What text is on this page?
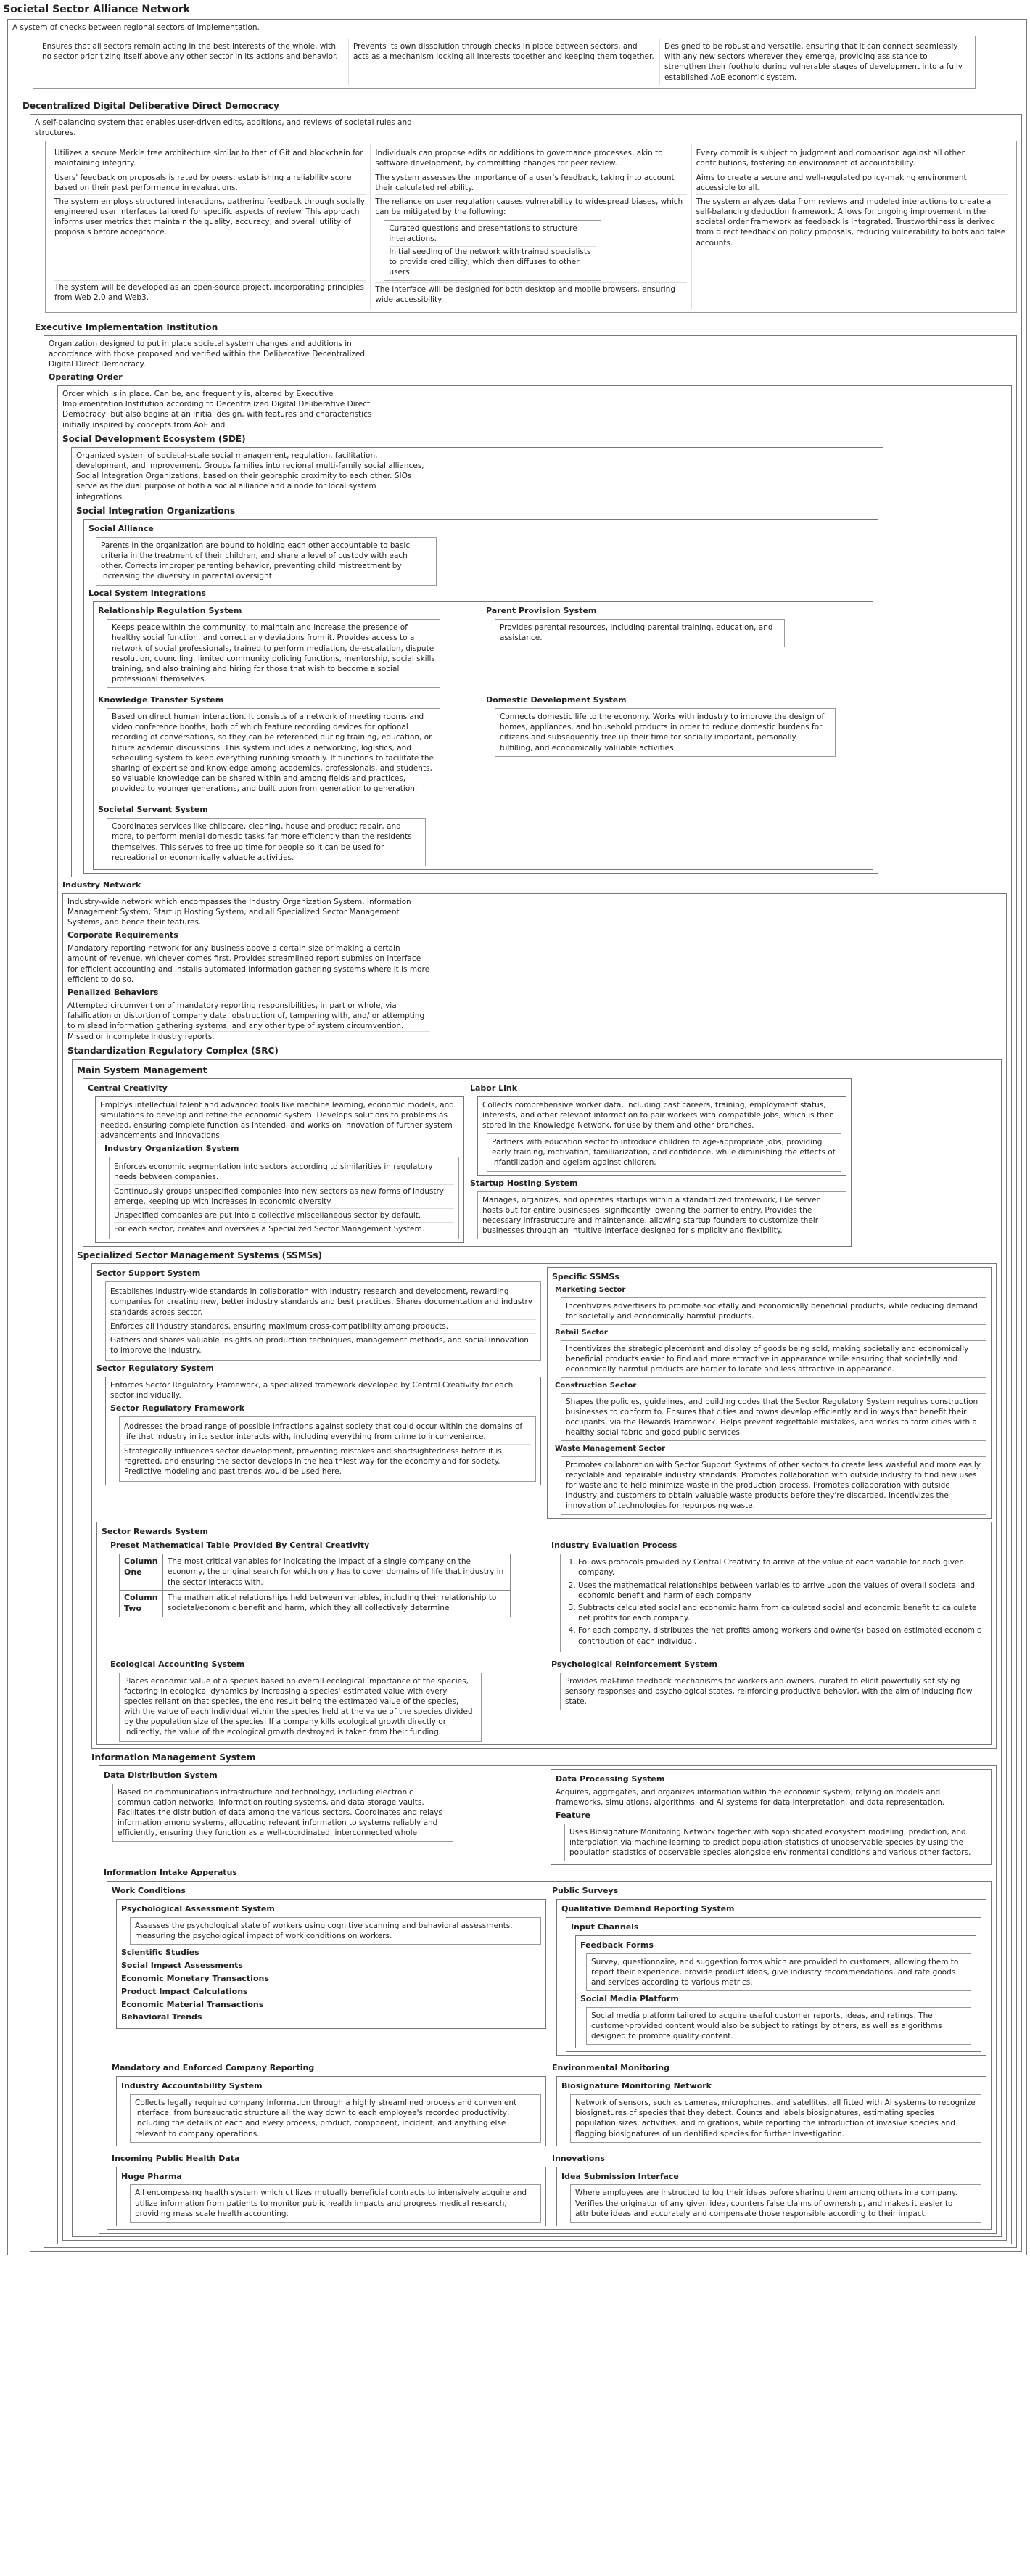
Societal Sector Alliance Network
A system of checks between regional sectors of implementation.
Ensures that all sectors remain acting in the best interests of the whole, with no sector prioritizing itself above any other sector in its actions and behavior.
Prevents its own dissolution through checks in place between sectors, and acts as a mechanism locking all interests together and keeping them together.
Designed to be robust and versatile, ensuring that it can connect seamlessly with any new sectors wherever they emerge, providing assistance to strengthen their foothold during vulnerable stages of development into a fully established AoE economic system.
Decentralized Digital Deliberative Direct Democracy
A self-balancing system that enables user-driven edits, additions, and reviews of societal rules and structures.
Utilizes a secure Merkle tree architecture similar to that of Git and blockchain for maintaining integrity.
Users' feedback on proposals is rated by peers, establishing a reliability score based on their past performance in evaluations.
The system employs structured interactions, gathering feedback through socially engineered user interfaces tailored for specific aspects of review. This approach informs user metrics that maintain the quality, accuracy, and overall utility of proposals before acceptance.
The system will be developed as an open-source project, incorporating principles from Web 2.0 and Web3.
Individuals can propose edits or additions to governance processes, akin to software development, by committing changes for peer review.
The system assesses the importance of a user's feedback, taking into account their calculated reliability.
The reliance on user regulation causes vulnerability to widespread biases, which can be mitigated by the following:
Curated questions and presentations to structure interactions.
Initial seeding of the network with trained specialists to provide credibility, which then diffuses to other users.
The interface will be designed for both desktop and mobile browsers, ensuring wide accessibility.
Every commit is subject to judgment and comparison against all other contributions, fostering an environment of accountability.
Aims to create a secure and well-regulated policy-making environment accessible to all.
The system analyzes data from reviews and modeled interactions to create a self-balancing deduction framework. Allows for ongoing improvement in the societal order framework as feedback is integrated. Trustworthiness is derived from direct feedback on policy proposals, reducing vulnerability to bots and false accounts.
Executive Implementation Institution
Organization designed to put in place societal system changes and additions in accordance with those proposed and verified within the Deliberative Decentralized Digital Direct Democracy.
Operating Order
Order which is in place. Can be, and frequently is, altered by Executive Implementation Institution according to Decentralized Digital Deliberative Direct Democracy, but also begins at an initial design, with features and characteristics initially inspired by concepts from AoE and
Social Development Ecosystem (SDE)
Organized system of societal-scale social management, regulation, facilitation, development, and improvement. Groups families into regional multi-family social alliances, Social Integration Organizations, based on their georaphic proximity to each other. SIOs serve as the dual purpose of both a social alliance and a node for local system integrations.
Social Integration Organizations
Social Alliance
Parents in the organization are bound to holding each other accountable to basic criteria in the treatment of their children, and share a level of custody with each other. Corrects improper parenting behavior, preventing child mistreatment by increasing the diversity in parental oversight.
Local System Integrations
Relationship Regulation System
Keeps peace within the community, to maintain and increase the presence of healthy social function, and correct any deviations from it. Provides access to a network of social professionals, trained to perform mediation, de-escalation, dispute resolution, counciling, limited community policing functions, mentorship, social skills training, and also training and hiring for those that wish to become a social professional themselves.
Parent Provision System
Provides parental resources, including parental training, education, and assistance.
Knowledge Transfer System
Based on direct human interaction. It consists of a network of meeting rooms and video conference booths, both of which feature recording devices for optional recording of conversations, so they can be referenced during training, education, or future academic discussions. This system includes a networking, logistics, and scheduling system to keep everything running smoothly. It functions to facilitate the sharing of expertise and knowledge among academics, professionals, and students, so valuable knowledge can be shared within and among fields and practices, provided to younger generations, and built upon from generation to generation.
Domestic Development System
Connects domestic life to the economy. Works with industry to improve the design of homes, appliances, and household products in order to reduce domestic burdens for citizens and subsequently free up their time for socially important, personally fulfilling, and economically valuable activities.
Societal Servant System
Coordinates services like childcare, cleaning, house and product repair, and more, to perform menial domestic tasks far more efficiently than the residents themselves. This serves to free up time for people so it can be used for recreational or economically valuable activities.
Industry Network
Industry-wide network which encompasses the Industry Organization System, Information Management System, Startup Hosting System, and all Specialized Sector Management Systems, and hence their features.
Corporate Requirements
Mandatory reporting network for any business above a certain size or making a certain amount of revenue, whichever comes first. Provides streamlined report submission interface for efficient accounting and installs automated information gathering systems where it is more efficient to do so.
Penalized Behaviors
Attempted circumvention of mandatory reporting responsibilities, in part or whole, via falsification or distortion of company data, obstruction of, tampering with, and/ or attempting to mislead information gathering systems, and any other type of system circumvention.
Missed or incomplete industry reports.
Standardization Regulatory Complex (SRC)
Main System Management
Central Creativity
Employs intellectual talent and advanced tools like machine learning, economic models, and simulations to develop and refine the economic system. Develops solutions to problems as needed, ensuring complete function as intended, and works on innovation of further system advancements and innovations.
Industry Organization System
Enforces economic segmentation into sectors according to similarities in regulatory needs between companies.
Continuously groups unspecified companies into new sectors as new forms of industry emerge, keeping up with increases in economic diversity.
Unspecified companies are put into a collective miscellaneous sector by default.
For each sector, creates and oversees a Specialized Sector Management System.
Labor Link
Collects comprehensive worker data, including past careers, training, employment status, interests, and other relevant information to pair workers with compatible jobs, which is then stored in the Knowledge Network, for use by them and other branches.
Partners with education sector to introduce children to age-appropriate jobs, providing early training, motivation, familiarization, and confidence, while diminishing the effects of infantilization and ageism against children.
Startup Hosting System
Manages, organizes, and operates startups within a standardized framework, like server hosts but for entire businesses, significantly lowering the barrier to entry. Provides the necessary infrastructure and maintenance, allowing startup founders to customize their businesses through an intuitive interface designed for simplicity and flexibility.
Specialized Sector Management Systems (SSMSs)
Sector Support System
Establishes industry-wide standards in collaboration with industry research and development, rewarding companies for creating new, better industry standards and best practices. Shares documentation and industry standards across sector.
Enforces all industry standards, ensuring maximum cross-compatibility among products.
Gathers and shares valuable insights on production techniques, management methods, and social innovation to improve the industry.
Sector Regulatory System
Enforces Sector Regulatory Framework, a specialized framework developed by Central Creativity for each sector individually.
Sector Regulatory Framework
Addresses the broad range of possible infractions against society that could occur within the domains of life that industry in its sector interacts with, including everything from crime to inconvenience.
Strategically influences sector development, preventing mistakes and shortsightedness before it is regretted, and ensuring the sector develops in the healthiest way for the economy and for society. Predictive modeling and past trends would be used here.
Specific SSMSs
Marketing Sector
Incentivizes advertisers to promote societally and economically beneficial products, while reducing demand for societally and economically harmful products.
Retail Sector
Incentivizes the strategic placement and display of goods being sold, making societally and economically beneficial products easier to find and more attractive in appearance while ensuring that societally and economically harmful products are harder to locate and less attractive in appearance.
Construction Sector
Shapes the policies, guidelines, and building codes that the Sector Regulatory System requires construction businesses to conform to. Ensures that cities and towns develop efficiently and in ways that benefit their occupants, via the Rewards Framework. Helps prevent regrettable mistakes, and works to form cities with a healthy social fabric and good public services.
Waste Management Sector
Promotes collaboration with Sector Support Systems of other sectors to create less wasteful and more easily recyclable and repairable industry standards. Promotes collaboration with outside industry to find new uses for waste and to help minimize waste in the production process. Promotes collaboration with outside industry and customers to obtain valuable waste products before they're discarded. Incentivizes the innovation of technologies for repurposing waste.
Sector Rewards System
Preset Mathematical Table Provided By Central Creativity
Column One	The most critical variables for indicating the impact of a single company on the economy, the original search for which only has to cover domains of life that industry in the sector interacts with.
Column Two	The mathematical relationships held between variables, including their relationship to societal/economic benefit and harm, which they all collectively determine
Industry Evaluation Process
1. Follows protocols provided by Central Creativity to arrive at the value of each variable for each given company.
2. Uses the mathematical relationships between variables to arrive upon the values of overall societal and economic benefit and harm of each company
3. Subtracts calculated social and economic harm from calculated social and economic benefit to calculate net profits for each company.
4. For each company, distributes the net profits among workers and owner(s) based on estimated economic contribution of each individual.
Ecological Accounting System
Places economic value of a species based on overall ecological importance of the species, factoring in ecological dynamics by increasing a species' estimated value with every species reliant on that species, the end result being the estimated value of the species, with the value of each individual within the species held at the value of the species divided by the population size of the species. If a company kills ecological growth directly or indirectly, the value of the ecological growth destroyed is taken from their funding.
Psychological Reinforcement System
Provides real-time feedback mechanisms for workers and owners, curated to elicit powerfully satisfying sensory responses and psychological states, reinforcing productive behavior, with the aim of inducing flow state.
Information Management System
Data Distribution System
Based on communications infrastructure and technology, including electronic communication networks, information routing systems, and data storage vaults. Facilitates the distribution of data among the various sectors. Coordinates and relays information among systems, allocating relevant information to systems reliably and efficiently, ensuring they function as a well-coordinated, interconnected whole
Data Processing System
Acquires, aggregates, and organizes information within the economic system, relying on models and frameworks, simulations, algorithms, and AI systems for data interpretation, and data representation.
Feature
Uses Biosignature Monitoring Network together with sophisticated ecosystem modeling, prediction, and interpolation via machine learning to predict population statistics of unobservable species by using the population statistics of observable species alongside environmental conditions and various other factors.
Information Intake Apperatus
Work Conditions
Psychological Assessment System
Assesses the psychological state of workers using cognitive scanning and behavioral assessments, measuring the psychological impact of work conditions on workers.
Scientific Studies
Social Impact Assessments
Economic Monetary Transactions
Product Impact Calculations
Economic Material Transactions
Behavioral Trends
Public Surveys
Qualitative Demand Reporting System
Input Channels
Feedback Forms
Survey, questionnaire, and suggestion forms which are provided to customers, allowing them to report their experience, provide product ideas, give industry recommendations, and rate goods and services according to various metrics.
Social Media Platform
Social media platform tailored to acquire useful customer reports, ideas, and ratings. The customer-provided content would also be subject to ratings by others, as well as algorithms designed to promote quality content.
Mandatory and Enforced Company Reporting
Industry Accountability System
Collects legally required company information through a highly streamlined process and convenient interface, from bureaucratic structure all the way down to each employee's recorded productivity, including the details of each and every process, product, component, incident, and anything else relevant to company operations.
Environmental Monitoring
Biosignature Monitoring Network
Network of sensors, such as cameras, microphones, and satellites, all fitted with AI systems to recognize biosignatures of species that they detect. Counts and labels biosignatures, estimating species population sizes, activities, and migrations, while reporting the introduction of invasive species and flagging biosignatures of unidentified species for further investigation.
Incoming Public Health Data
Huge Pharma
All encompassing health system which utilizes mutually beneficial contracts to intensively acquire and utilize information from patients to monitor public health impacts and progress medical research, providing mass scale health accounting.
Innovations
Idea Submission Interface
Where employees are instructed to log their ideas before sharing them among others in a company. Verifies the originator of any given idea, counters false claims of ownership, and makes it easier to attribute ideas and accurately and compensate those responsible according to their impact.
